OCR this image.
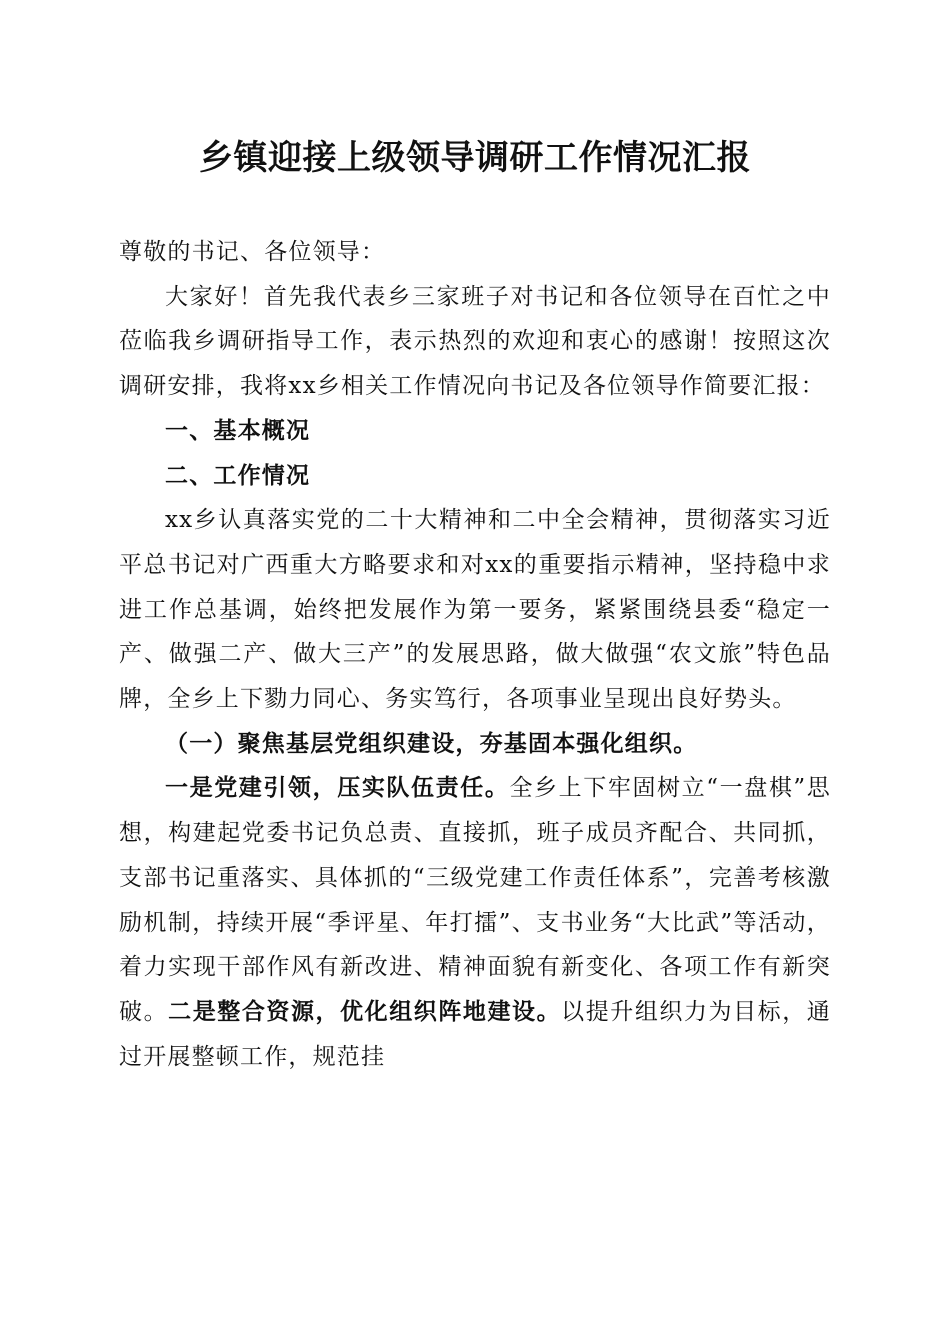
乡镇迎接上级领导调研工作情况汇报

尊敬的书记、各位领导：

大家好！首先我代表乡三家班子对书记和各位领导在百忙之中莅临我乡调研指导工作，表示热烈的欢迎和衷心的感谢！按照这次调研安排，我将xx乡相关工作情况向书记及各位领导作简要汇报：

一、基本概况

二、工作情况

xx乡认真落实党的二十大精神和二中全会精神，贯彻落实习近平总书记对广西重大方略要求和对xx的重要指示精神，坚持稳中求进工作总基调，始终把发展作为第一要务，紧紧围绕县委“稳定一产、做强二产、做大三产”的发展思路，做大做强“农文旅”特色品牌，全乡上下勠力同心、务实笃行，各项事业呈现出良好势头。

（一）聚焦基层党组织建设，夯基固本强化组织。

一是党建引领，压实队伍责任。全乡上下牢固树立“一盘棋”思想，构建起党委书记负总责、直接抓，班子成员齐配合、共同抓，支部书记重落实、具体抓的“三级党建工作责任体系”，完善考核激励机制，持续开展“季评星、年打擂”、支书业务“大比武”等活动，着力实现干部作风有新改进、精神面貌有新变化、各项工作有新突破。二是整合资源，优化组织阵地建设。以提升组织力为目标，通过开展整顿工作，规范挂
